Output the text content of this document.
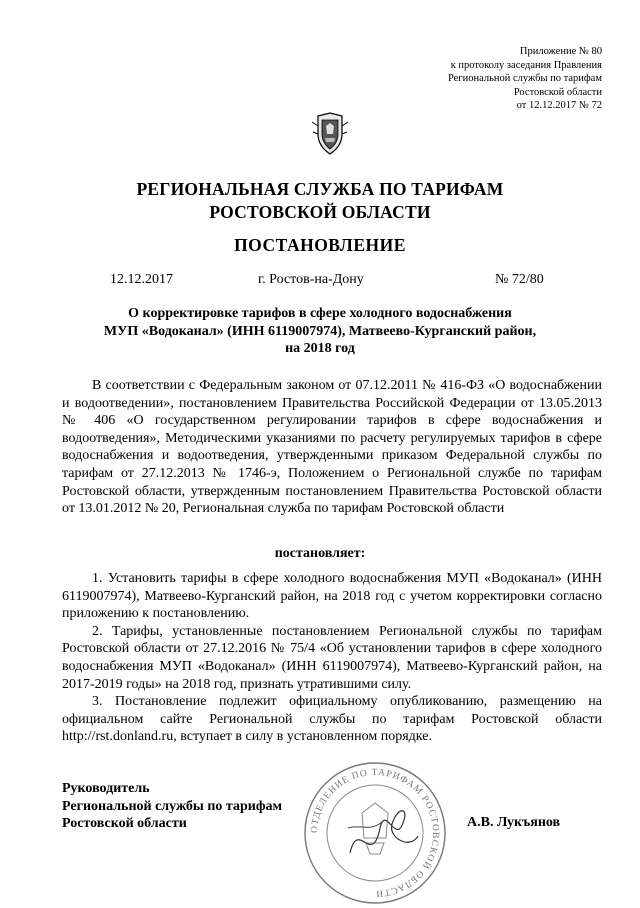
Приложение № 80
к протоколу заседания Правления
Региональной службы по тарифам
Ростовской области
от 12.12.2017 № 72
РЕГИОНАЛЬНАЯ СЛУЖБА ПО ТАРИФАМ
РОСТОВСКОЙ ОБЛАСТИ
ПОСТАНОВЛЕНИЕ
12.12.2017	г. Ростов-на-Дону	№ 72/80
О корректировке тарифов в сфере холодного водоснабжения
МУП «Водоканал» (ИНН 6119007974), Матвеево-Курганский район,
на 2018 год

В соответствии с Федеральным законом от 07.12.2011 № 416-ФЗ «О водоснабжении и водоотведении», постановлением Правительства Российской Федерации от 13.05.2013 № 406 «О государственном регулировании тарифов в сфере водоснабжения и водоотведения», Методическими указаниями по расчету регулируемых тарифов в сфере водоснабжения и водоотведения, утвержденными приказом Федеральной службы по тарифам от 27.12.2013 № 1746-э, Положением о Региональной службе по тарифам Ростовской области, утвержденным постановлением Правительства Ростовской области от 13.01.2012 № 20, Региональная служба по тарифам Ростовской области

постановляет:

1. Установить тарифы в сфере холодного водоснабжения МУП «Водоканал» (ИНН 6119007974), Матвеево-Курганский район, на 2018 год с учетом корректировки согласно приложению к постановлению.

2. Тарифы, установленные постановлением Региональной службы по тарифам Ростовской области от 27.12.2016 № 75/4 «Об установлении тарифов в сфере холодного водоснабжения МУП «Водоканал» (ИНН 6119007974), Матвеево-Курганский район, на 2017-2019 годы» на 2018 год, признать утратившими силу.

3. Постановление подлежит официальному опубликованию, размещению на официальном сайте Региональной службы по тарифам Ростовской области http://rst.donland.ru, вступает в силу в установленном порядке.

Руководитель
Региональной службы по тарифам
Ростовской области	ОТДЕЛЕНИЕ ПО ТАРИФАМ РОСТОВСКОЙ ОБЛАСТИ
А.В. Лукъянов
